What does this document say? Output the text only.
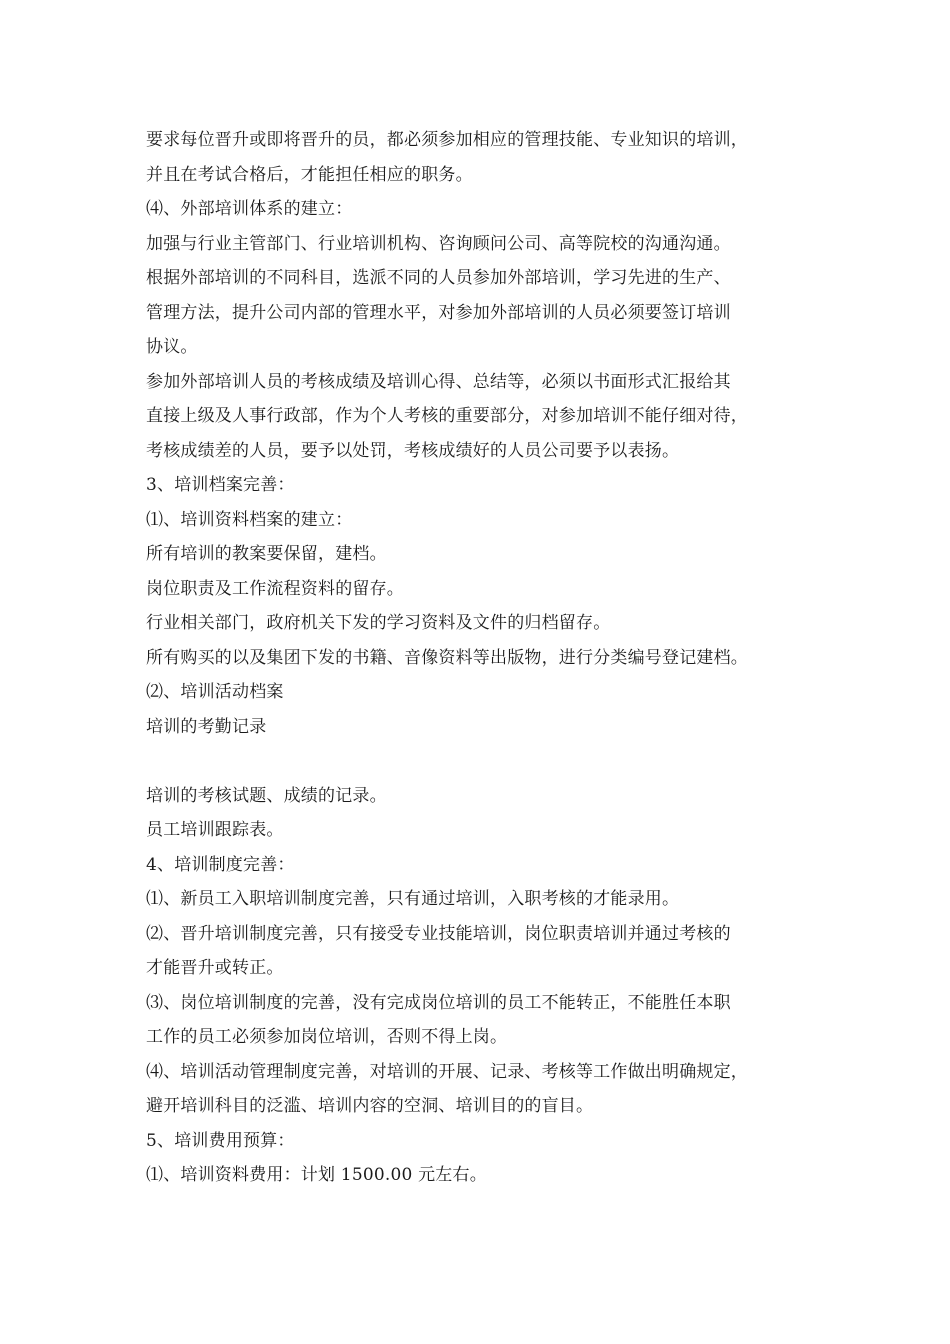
要求每位晋升或即将晋升的员，都必须参加相应的管理技能、专业知识的培训，
并且在考试合格后，才能担任相应的职务。
⑷、外部培训体系的建立：
加强与行业主管部门、行业培训机构、咨询顾问公司、高等院校的沟通沟通。
根据外部培训的不同科目，选派不同的人员参加外部培训，学习先进的生产、
管理方法，提升公司内部的管理水平，对参加外部培训的人员必须要签订培训
协议。
参加外部培训人员的考核成绩及培训心得、总结等，必须以书面形式汇报给其
直接上级及人事行政部，作为个人考核的重要部分，对参加培训不能仔细对待，
考核成绩差的人员，要予以处罚，考核成绩好的人员公司要予以表扬。
3、培训档案完善：
⑴、培训资料档案的建立：
所有培训的教案要保留，建档。
岗位职责及工作流程资料的留存。
行业相关部门，政府机关下发的学习资料及文件的归档留存。
所有购买的以及集团下发的书籍、音像资料等出版物，进行分类编号登记建档。
⑵、培训活动档案
培训的考勤记录
培训的考核试题、成绩的记录。
员工培训跟踪表。
4、培训制度完善：
⑴、新员工入职培训制度完善，只有通过培训，入职考核的才能录用。
⑵、晋升培训制度完善，只有接受专业技能培训，岗位职责培训并通过考核的
才能晋升或转正。
⑶、岗位培训制度的完善，没有完成岗位培训的员工不能转正，不能胜任本职
工作的员工必须参加岗位培训，否则不得上岗。
⑷、培训活动管理制度完善，对培训的开展、记录、考核等工作做出明确规定，
避开培训科目的泛滥、培训内容的空洞、培训目的的盲目。
5、培训费用预算：
⑴、培训资料费用：计划 1500.00 元左右。
